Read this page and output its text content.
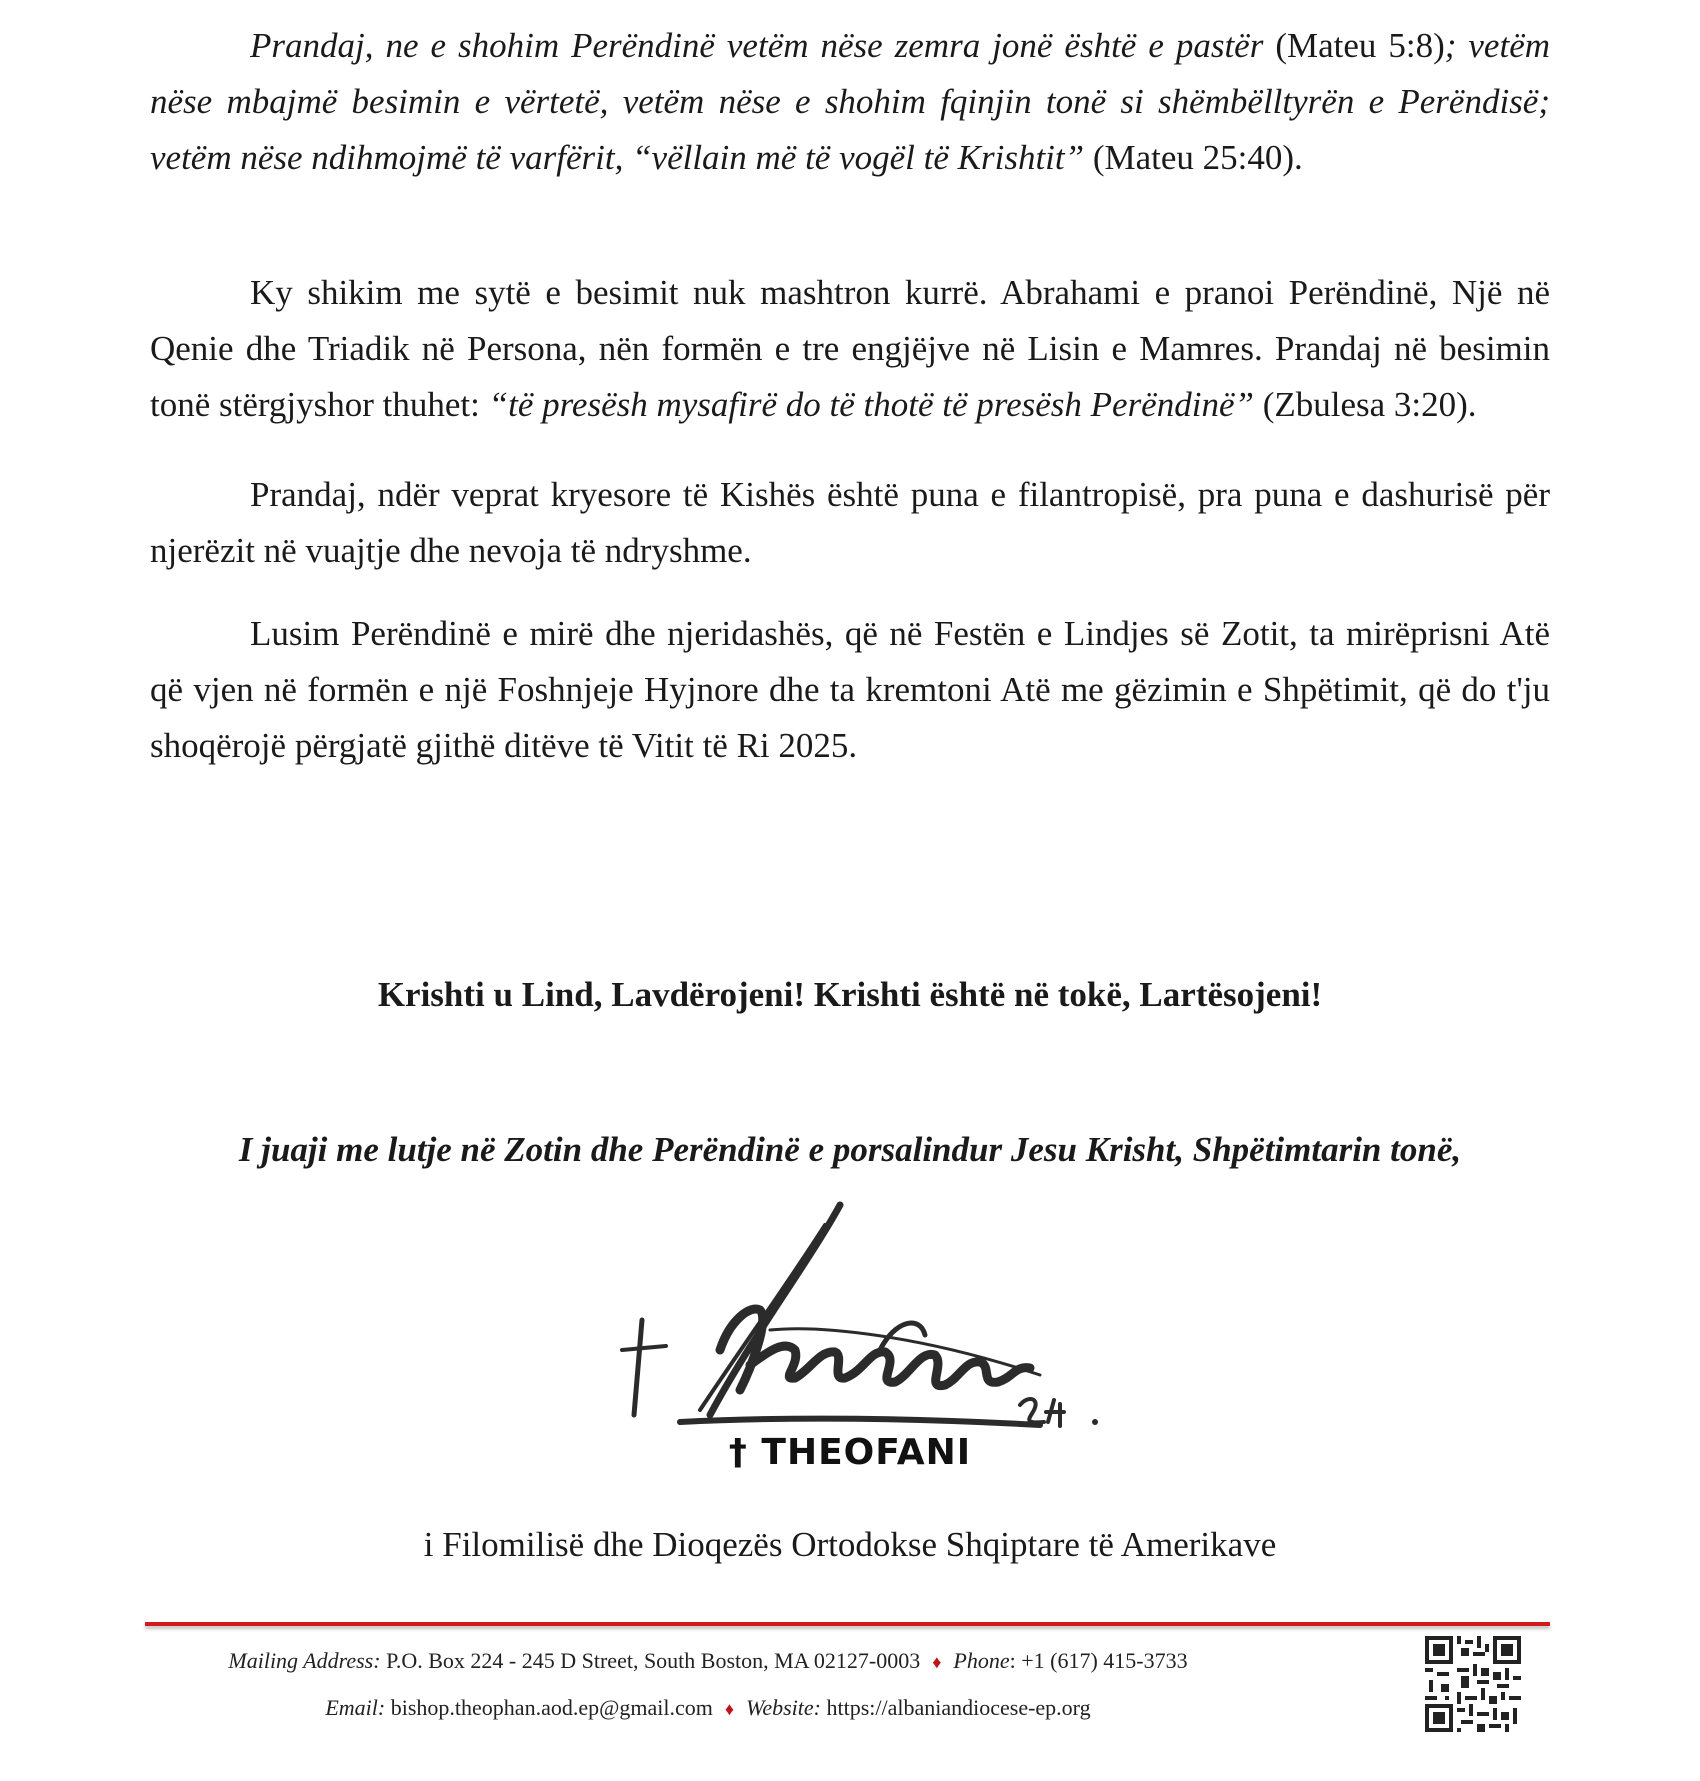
Prandaj, ne e shohim Perëndinë vetëm nëse zemra jonë është e pastër (Mateu 5:8); vetëm nëse mbajmë besimin e vërtetë, vetëm nëse e shohim fqinjin tonë si shëmbëlltyrën e Perëndisë; vetëm nëse ndihmojmë të varfërit, “vëllain më të vogël të Krishtit” (Mateu 25:40).

Ky shikim me sytë e besimit nuk mashtron kurrë. Abrahami e pranoi Perëndinë, Një në Qenie dhe Triadik në Persona, nën formën e tre engjëjve në Lisin e Mamres. Prandaj në besimin tonë stërgjyshor thuhet: “të presësh mysafirë do të thotë të presësh Perëndinë” (Zbulesa 3:20).

Prandaj, ndër veprat kryesore të Kishës është puna e filantropisë, pra puna e dashurisë për njerëzit në vuajtje dhe nevoja të ndryshme.

Lusim Perëndinë e mirë dhe njeridashës, që në Festën e Lindjes së Zotit, ta mirëprisni Atë që vjen në formën e një Foshnjeje Hyjnore dhe ta kremtoni Atë me gëzimin e Shpëtimit, që do t'ju shoqërojë përgjatë gjithë ditëve të Vitit të Ri 2025.

Krishti u Lind, Lavdërojeni! Krishti është në tokë, Lartësojeni!

I juaji me lutje në Zotin dhe Perëndinë e porsalindur Jesu Krisht, Shpëtimtarin tonë,

† THEOFANI

i Filomilisë dhe Dioqezës Ortodokse Shqiptare të Amerikave

Mailing Address: P.O. Box 224 - 245 D Street, South Boston, MA 02127-0003 ♦ Phone: +1 (617) 415-3733

Email: bishop.theophan.aod.ep@gmail.com ♦ Website: https://albaniandiocese-ep.org
